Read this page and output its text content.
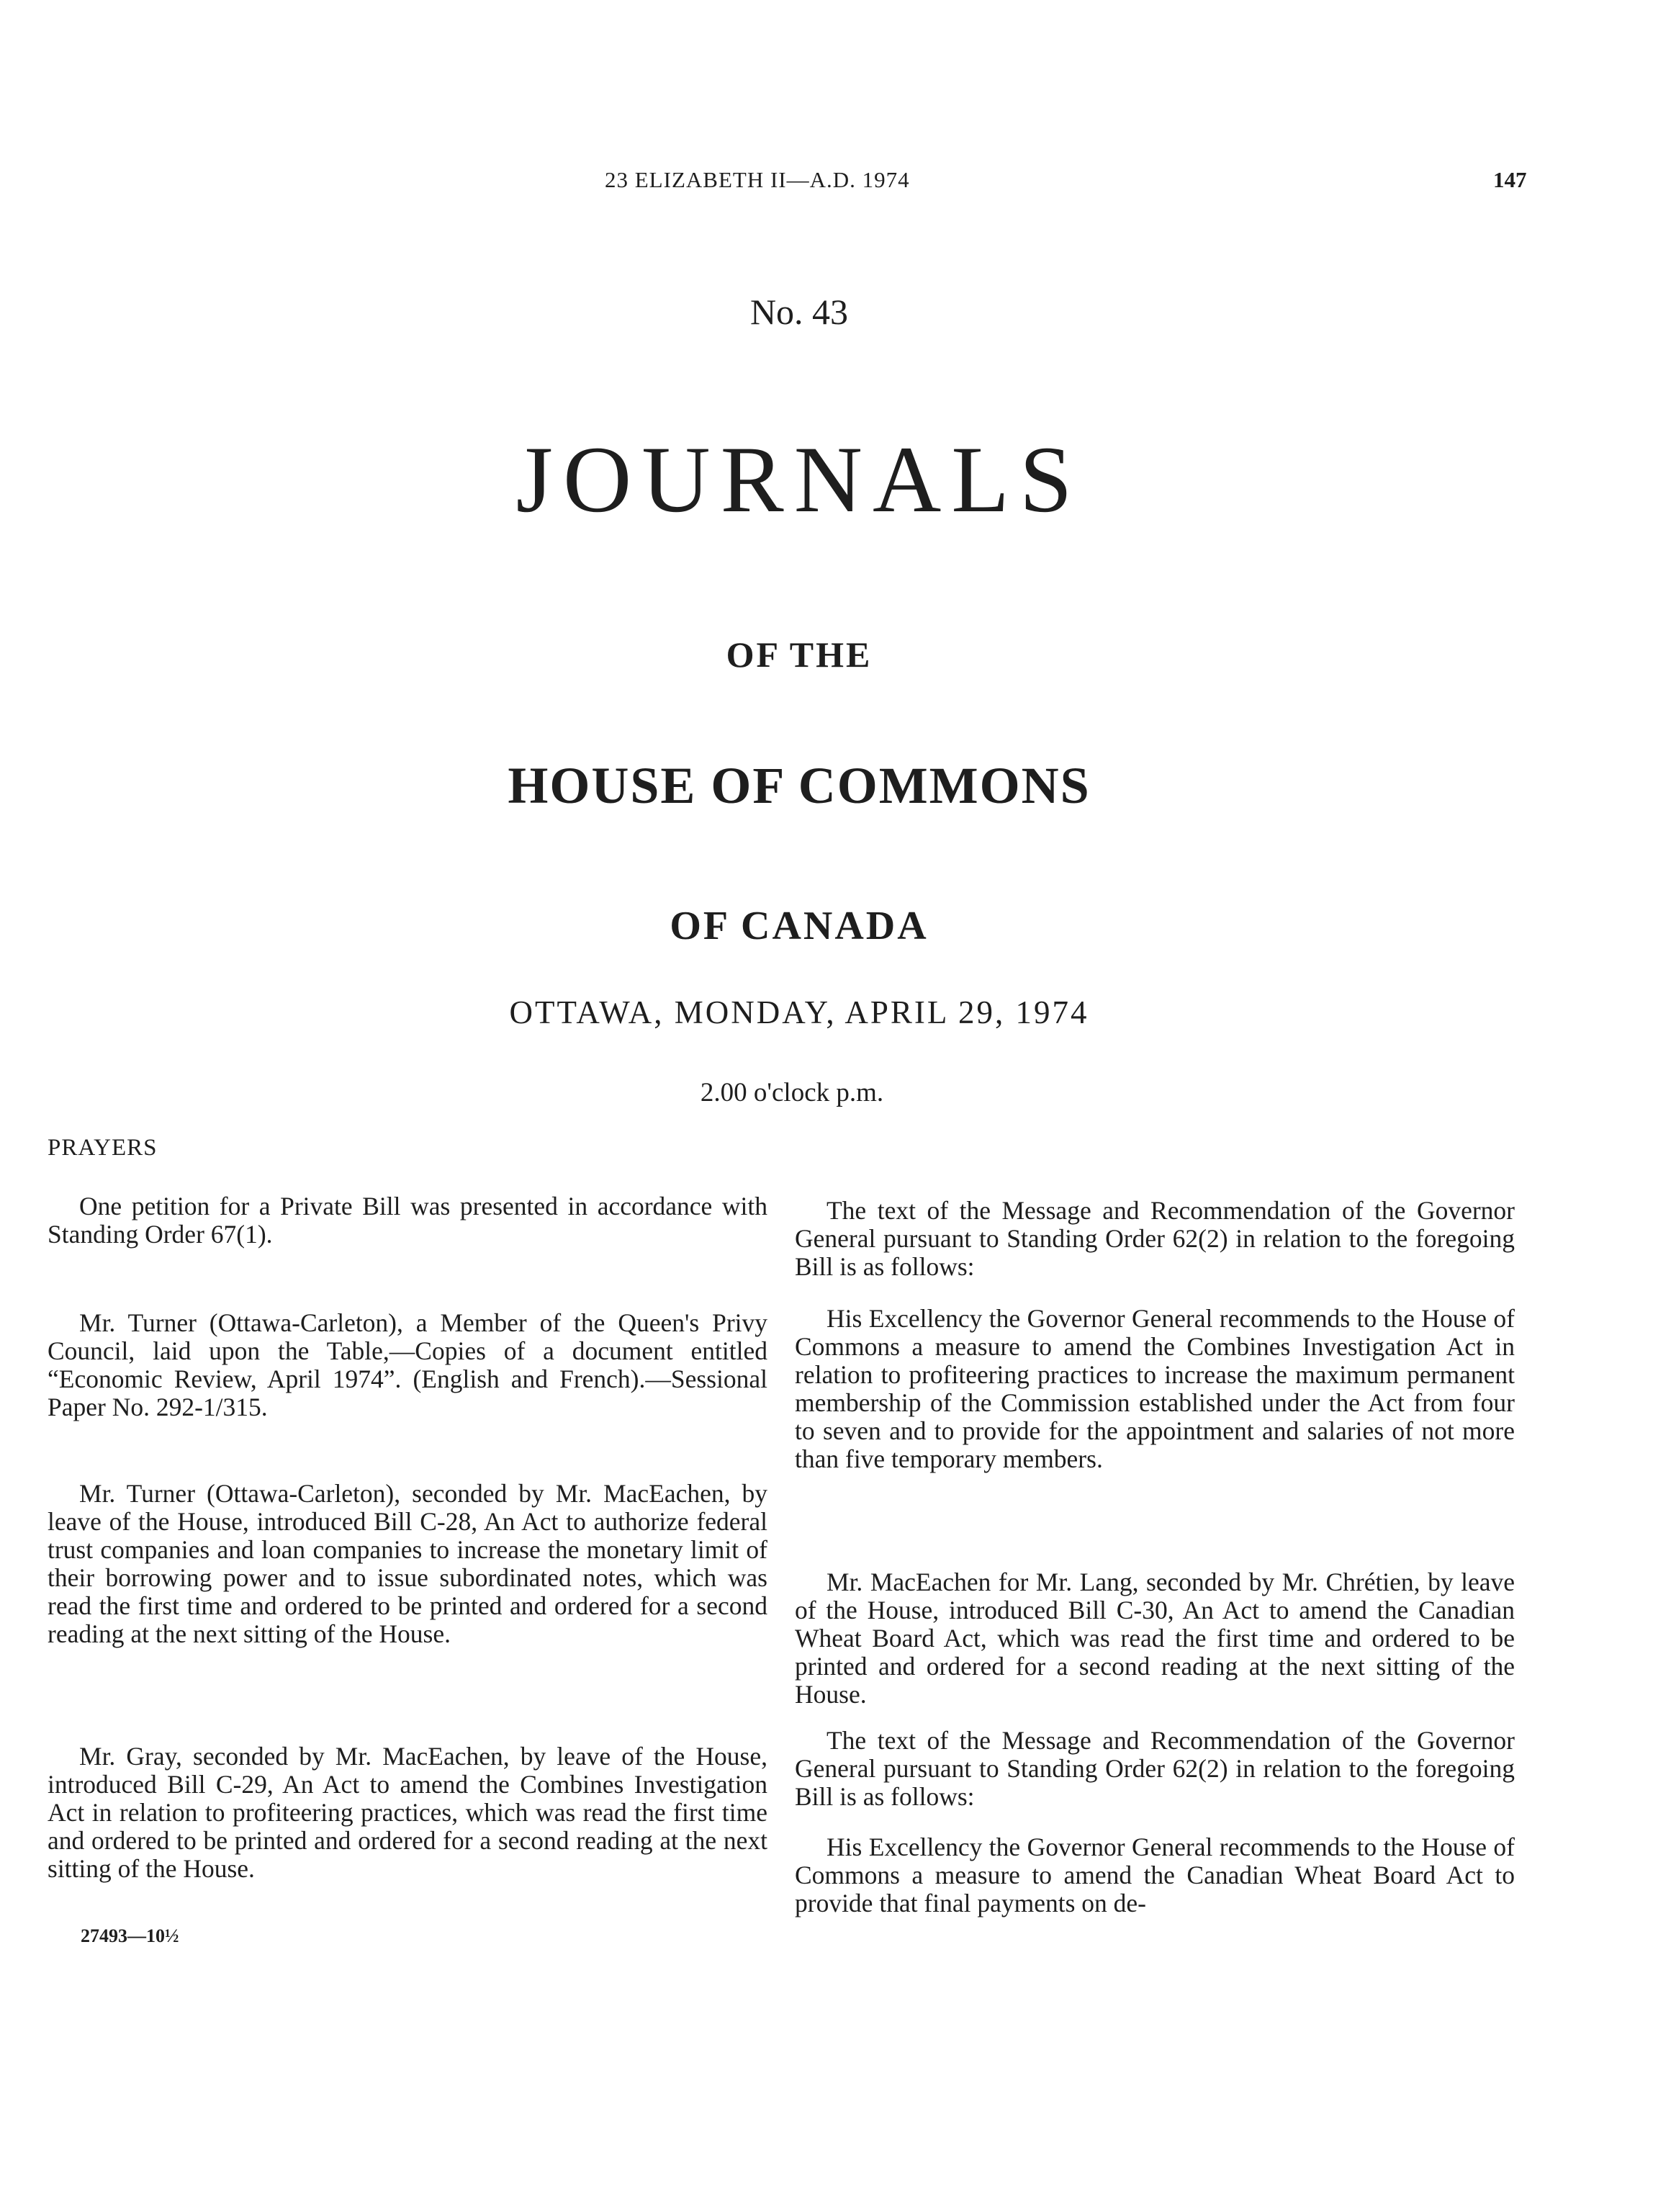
23 ELIZABETH II—A.D. 1974	147
No. 43
JOURNALS
OF THE
HOUSE OF COMMONS
OF CANADA
OTTAWA, MONDAY, APRIL 29, 1974
2.00 o'clock p.m.
PRAYERS

One petition for a Private Bill was presented in accordance with Standing Order 67(1).

Mr. Turner (Ottawa-Carleton), a Member of the Queen's Privy Council, laid upon the Table,—Copies of a document entitled “Economic Review, April 1974”. (English and French).—Sessional Paper No. 292-1/315.

Mr. Turner (Ottawa-Carleton), seconded by Mr. MacEachen, by leave of the House, introduced Bill C-28, An Act to authorize federal trust companies and loan companies to increase the monetary limit of their borrowing power and to issue subordinated notes, which was read the first time and ordered to be printed and ordered for a second reading at the next sitting of the House.

Mr. Gray, seconded by Mr. MacEachen, by leave of the House, introduced Bill C-29, An Act to amend the Combines Investigation Act in relation to profiteering practices, which was read the first time and ordered to be printed and ordered for a second reading at the next sitting of the House.

The text of the Message and Recommendation of the Governor General pursuant to Standing Order 62(2) in relation to the foregoing Bill is as follows:

His Excellency the Governor General recommends to the House of Commons a measure to amend the Combines Investigation Act in relation to profiteering practices to increase the maximum permanent membership of the Commission established under the Act from four to seven and to provide for the appointment and salaries of not more than five temporary members.

Mr. MacEachen for Mr. Lang, seconded by Mr. Chrétien, by leave of the House, introduced Bill C-30, An Act to amend the Canadian Wheat Board Act, which was read the first time and ordered to be printed and ordered for a second reading at the next sitting of the House.

The text of the Message and Recommendation of the Governor General pursuant to Standing Order 62(2) in relation to the foregoing Bill is as follows:

His Excellency the Governor General recommends to the House of Commons a measure to amend the Canadian Wheat Board Act to provide that final payments on de-

27493—10½
